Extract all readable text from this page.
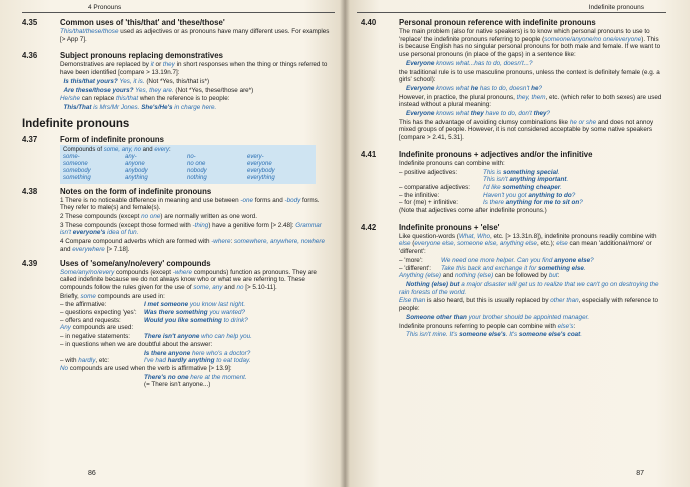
4 Pronouns
4.35	Common uses of 'this/that' and 'these/those'

This/that/these/those used as adjectives or as pronouns have many different uses. For examples [> App 7].

4.36	Subject pronouns replacing demonstratives

Demonstratives are replaced by it or they in short responses when the thing or things referred to have been identified [compare > 13.19n.7]:

Is this/that yours? Yes, it is. (Not *Yes, this/that is*)

Are these/those yours? Yes, they are. (Not *Yes, these/those are*)

He/she can replace this/that when the reference is to people:

This/That is Mrs/Mr Jones. She's/He's in charge here.

Indefinite pronouns
4.37	Form of indefinite pronouns
Compounds of some, any, no and every:
some-	any-	no-	every-
someone	anyone	no one	everyone
somebody	anybody	nobody	everybody
something	anything	nothing	everything
4.38	Notes on the form of indefinite pronouns

1 There is no noticeable difference in meaning and use between -one forms and -body forms. They refer to male(s) and female(s).

2 These compounds (except no one) are normally written as one word.

3 These compounds (except those formed with -thing) have a genitive form [> 2.48]: Grammar isn't everyone's idea of fun.

4 Compare compound adverbs which are formed with -where: somewhere, anywhere, nowhere and everywhere [> 7.18].

4.39	Uses of 'some/any/no/every' compounds

Some/any/no/every compounds (except -where compounds) function as pronouns. They are called indefinite because we do not always know who or what we are referring to. These compounds follow the rules given for the use of some, any and no [> 5.10-11].

Briefly, some compounds are used in:

– the affirmative:	I met someone you know last night.
– questions expecting 'yes':	Was there something you wanted?
– offers and requests:	Would you like something to drink?

Any compounds are used:

– in negative statements:	There isn't anyone who can help you.

– in questions when we are doubtful about the answer:

Is there anyone here who's a doctor?
– with hardly, etc:	I've had hardly anything to eat today.

No compounds are used when the verb is affirmative [> 13.9]:

There's no one here at the moment.
(= There isn't anyone...)
86
Indefinite pronouns
4.40	Personal pronoun reference with indefinite pronouns

The main problem (also for native speakers) is to know which personal pronouns to use to 'replace' the indefinite pronouns referring to people (someone/anyone/no one/everyone). This is because English has no singular personal pronouns for both male and female. If we want to use personal pronouns (in place of the gaps) in a sentence like:

Everyone knows what...has to do, doesn't...?

the traditional rule is to use masculine pronouns, unless the context is definitely female (e.g. a girls' school):

Everyone knows what he has to do, doesn't he?

However, in practice, the plural pronouns, they, them, etc. (which refer to both sexes) are used instead without a plural meaning:

Everyone knows what they have to do, don't they?

This has the advantage of avoiding clumsy combinations like he or she and does not annoy mixed groups of people. However, it is not considered acceptable by some native speakers [compare > 2.41, 5.31].

4.41	Indefinite pronouns + adjectives and/or the infinitive

Indefinite pronouns can combine with:

– positive adjectives:	This is something special.
This isn't anything important.
– comparative adjectives:	I'd like something cheaper.
– the infinitive:	Haven't you got anything to do?
– for (me) + infinitive:	Is there anything for me to sit on?

(Note that adjectives come after indefinite pronouns.)

4.42	Indefinite pronouns + 'else'

Like question-words (What, Who, etc. [> 13.31n.8]), indefinite pronouns readily combine with else (everyone else, someone else, anything else, etc.); else can mean 'additional/more' or 'different':

– 'more':	We need one more helper. Can you find anyone else?
– 'different':	Take this back and exchange it for something else.

Anything (else) and nothing (else) can be followed by but:

Nothing (else) but a major disaster will get us to realize that we can't go on destroying the rain forests of the world.

Else than is also heard, but this is usually replaced by other than, especially with reference to people:

Someone other than your brother should be appointed manager.

Indefinite pronouns referring to people can combine with else's:

This isn't mine. It's someone else's. It's someone else's coat.

87
